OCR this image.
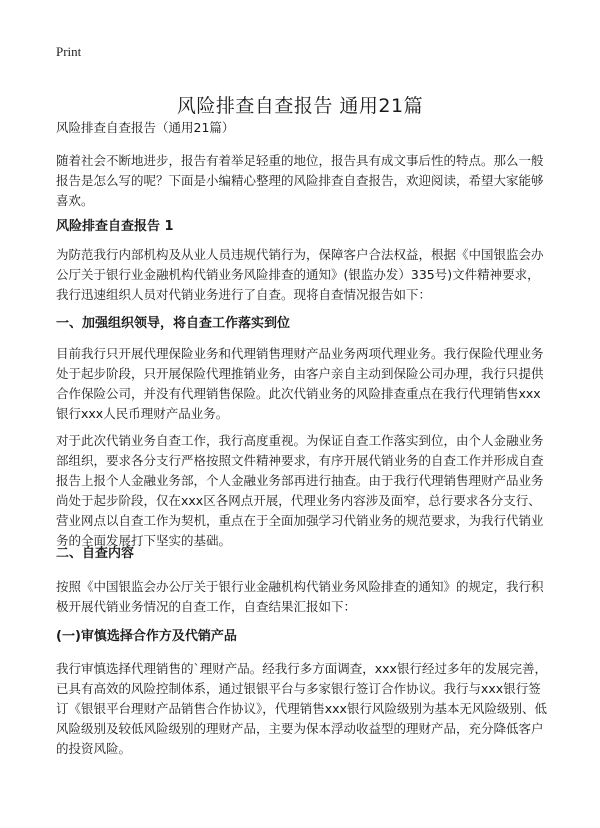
Print
风险排查自查报告 通用21篇

风险排查自查报告（通用21篇）

随着社会不断地进步，报告有着举足轻重的地位，报告具有成文事后性的特点。那么一般报告是怎么写的呢？下面是小编精心整理的风险排查自查报告，欢迎阅读，希望大家能够喜欢。

风险排查自查报告 1

为防范我行内部机构及从业人员违规代销行为，保障客户合法权益，根据《中国银监会办公厅关于银行业金融机构代销业务风险排查的通知》(银监办发）335号)文件精神要求，我行迅速组织人员对代销业务进行了自查。现将自查情况报告如下：

一、加强组织领导，将自查工作落实到位

目前我行只开展代理保险业务和代理销售理财产品业务两项代理业务。我行保险代理业务处于起步阶段，只开展保险代理推销业务，由客户亲自主动到保险公司办理，我行只提供合作保险公司，并没有代理销售保险。此次代销业务的风险排查重点在我行代理销售xxx银行xxx人民币理财产品业务。

对于此次代销业务自查工作，我行高度重视。为保证自查工作落实到位，由个人金融业务部组织，要求各分支行严格按照文件精神要求，有序开展代销业务的自查工作并形成自查报告上报个人金融业务部，个人金融业务部再进行抽查。由于我行代理销售理财产品业务尚处于起步阶段，仅在xxx区各网点开展，代理业务内容涉及面窄，总行要求各分支行、营业网点以自查工作为契机，重点在于全面加强学习代销业务的规范要求，为我行代销业务的全面发展打下坚实的基础。

二、自查内容

按照《中国银监会办公厅关于银行业金融机构代销业务风险排查的通知》的规定，我行积极开展代销业务情况的自查工作，自查结果汇报如下：

(一)审慎选择合作方及代销产品

我行审慎选择代理销售的`理财产品。经我行多方面调查，xxx银行经过多年的发展完善，已具有高效的风险控制体系，通过银银平台与多家银行签订合作协议。我行与xxx银行签订《银银平台理财产品销售合作协议》，代理销售xxx银行风险级别为基本无风险级别、低风险级别及较低风险级别的理财产品，主要为保本浮动收益型的理财产品，充分降低客户的投资风险。
